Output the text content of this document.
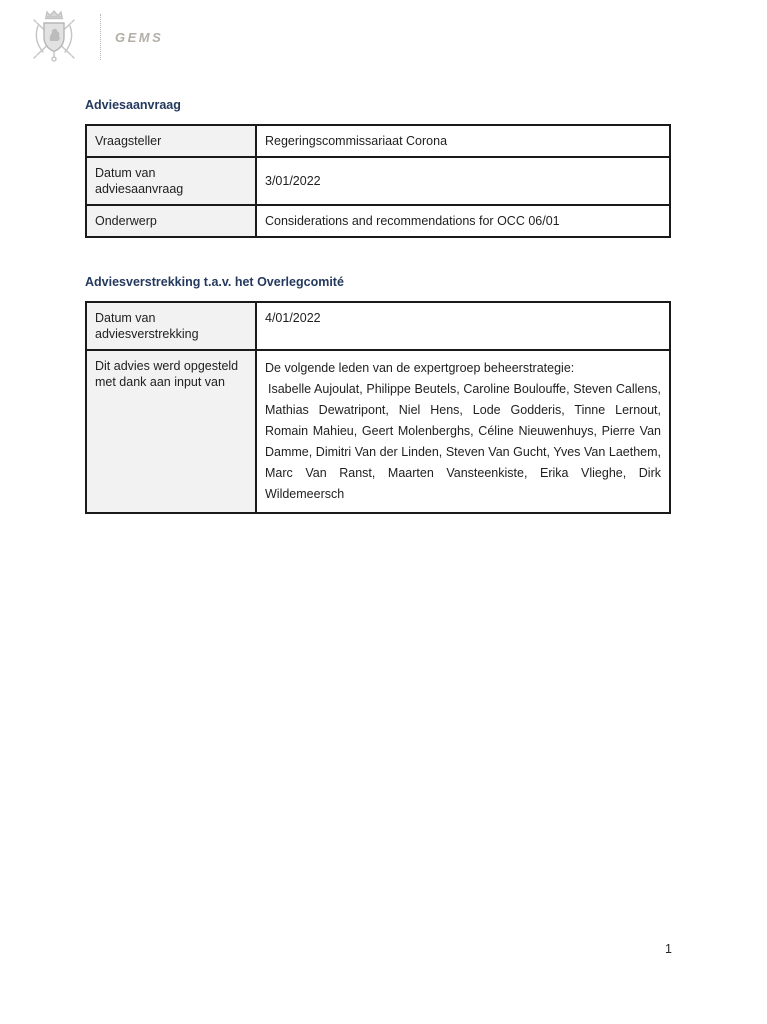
GEMS
Adviesaanvraag
Vraagsteller	Regeringscommissariaat Corona
Datum van adviesaanvraag	3/01/2022
Onderwerp	Considerations and recommendations for OCC 06/01
Adviesverstrekking t.a.v. het Overlegcomité
Datum van adviesverstrekking	4/01/2022
Dit advies werd opgesteld met dank aan input van	De volgende leden van de expertgroep beheerstrategie:
Isabelle Aujoulat, Philippe Beutels, Caroline Boulouffe, Steven Callens, Mathias Dewatripont, Niel Hens, Lode Godderis, Tinne Lernout, Romain Mahieu, Geert Molenberghs, Céline Nieuwenhuys, Pierre Van Damme, Dimitri Van der Linden, Steven Van Gucht, Yves Van Laethem, Marc Van Ranst, Maarten Vansteenkiste, Erika Vlieghe, Dirk Wildemeersch
1
